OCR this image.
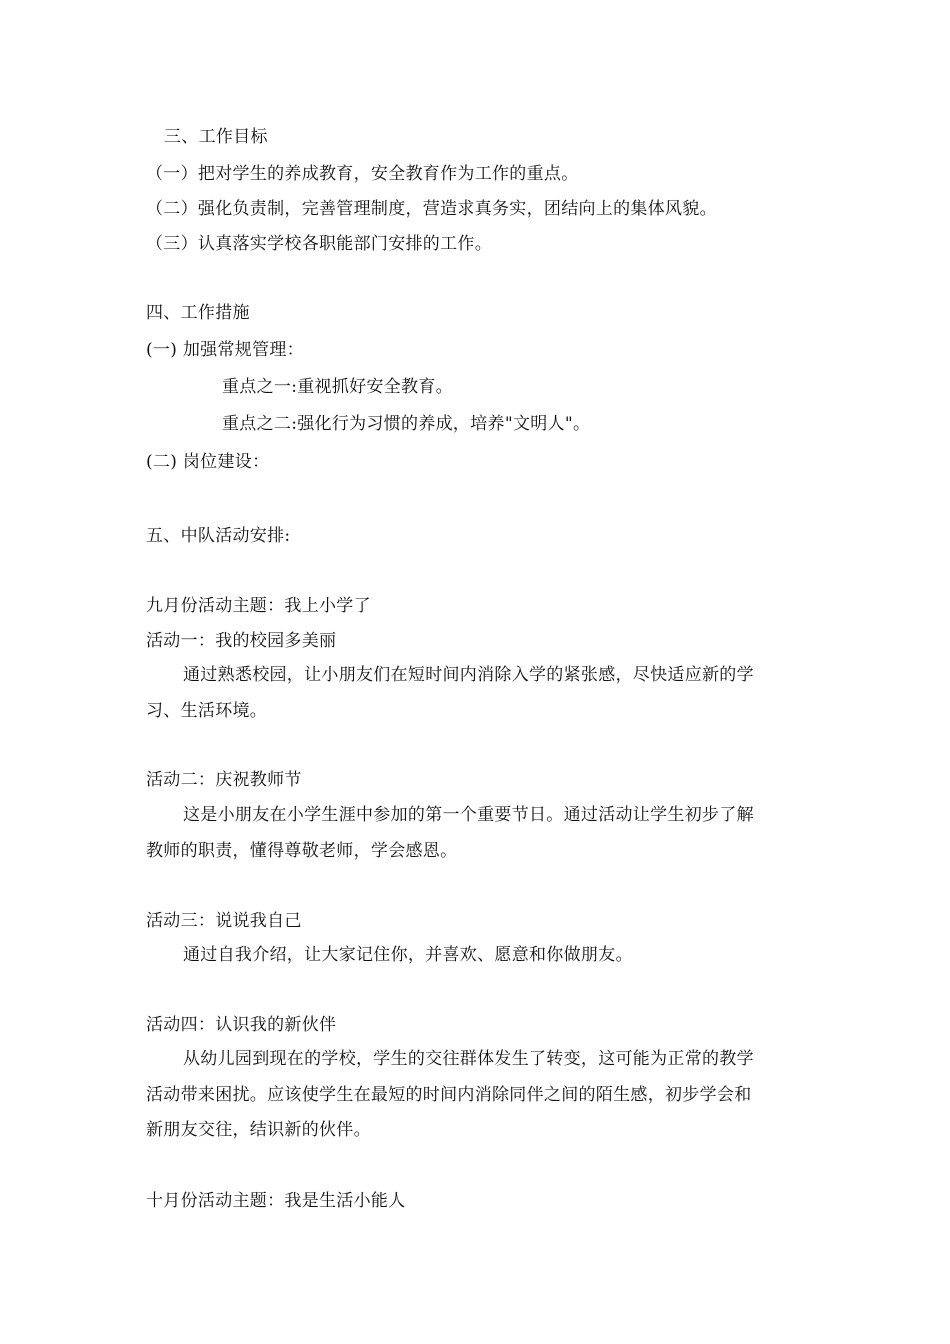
三、工作目标
（一）把对学生的养成教育，安全教育作为工作的重点。
（二）强化负责制，完善管理制度，营造求真务实，团结向上的集体风貌。
（三）认真落实学校各职能部门安排的工作。
四、工作措施
(一) 加强常规管理：
重点之一:重视抓好安全教育。
重点之二:强化行为习惯的养成，培养"文明人"。
(二) 岗位建设：
五、中队活动安排:
九月份活动主题：我上小学了
活动一：我的校园多美丽
通过熟悉校园，让小朋友们在短时间内消除入学的紧张感，尽快适应新的学
习、生活环境。
活动二：庆祝教师节
这是小朋友在小学生涯中参加的第一个重要节日。通过活动让学生初步了解
教师的职责，懂得尊敬老师，学会感恩。
活动三：说说我自己
通过自我介绍，让大家记住你，并喜欢、愿意和你做朋友。
活动四：认识我的新伙伴
从幼儿园到现在的学校，学生的交往群体发生了转变，这可能为正常的教学
活动带来困扰。应该使学生在最短的时间内消除同伴之间的陌生感，初步学会和
新朋友交往，结识新的伙伴。
十月份活动主题：我是生活小能人
